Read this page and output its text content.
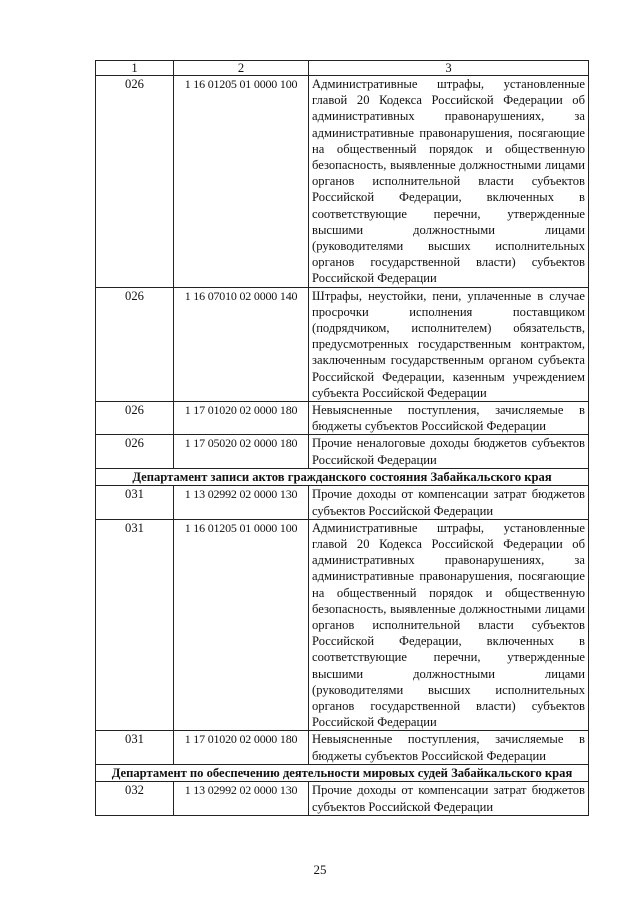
1	2	3
026	1 16 01205 01 0000 100	Административные штрафы, установленные главой 20 Кодекса Российской Федерации об административных правонарушениях, за административные правонарушения, посягающие на общественный порядок и общественную безопасность, выявленные должностными лицами органов исполнительной власти субъектов Российской Федерации, включенных в соответствующие перечни, утвержденные высшими должностными лицами (руководителями высших исполнительных органов государственной власти) субъектов Российской Федерации
026	1 16 07010 02 0000 140	Штрафы, неустойки, пени, уплаченные в случае просрочки исполнения поставщиком (подрядчиком, исполнителем) обязательств, предусмотренных государственным контрактом, заключенным государственным органом субъекта Российской Федерации, казенным учреждением субъекта Российской Федерации
026	1 17 01020 02 0000 180	Невыясненные поступления, зачисляемые в бюджеты субъектов Российской Федерации
026	1 17 05020 02 0000 180	Прочие неналоговые доходы бюджетов субъектов Российской Федерации
Департамент записи актов гражданского состояния Забайкальского края		
031	1 13 02992 02 0000 130	Прочие доходы от компенсации затрат бюджетов субъектов Российской Федерации
031	1 16 01205 01 0000 100	Административные штрафы, установленные главой 20 Кодекса Российской Федерации об административных правонарушениях, за административные правонарушения, посягающие на общественный порядок и общественную безопасность, выявленные должностными лицами органов исполнительной власти субъектов Российской Федерации, включенных в соответствующие перечни, утвержденные высшими должностными лицами (руководителями высших исполнительных органов государственной власти) субъектов Российской Федерации
031	1 17 01020 02 0000 180	Невыясненные поступления, зачисляемые в бюджеты субъектов Российской Федерации
Департамент по обеспечению деятельности мировых судей Забайкальского края		
032	1 13 02992 02 0000 130	Прочие доходы от компенсации затрат бюджетов субъектов Российской Федерации
25
